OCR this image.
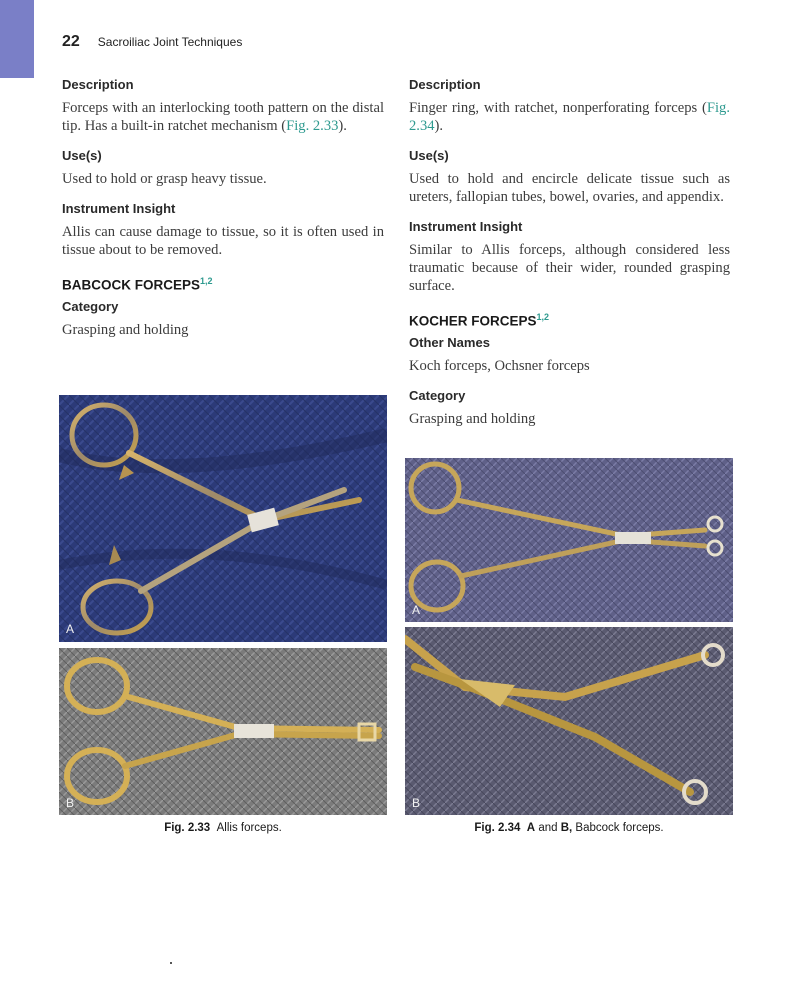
22 Sacroiliac Joint Techniques
Description

Forceps with an interlocking tooth pattern on the distal tip. Has a built-in ratchet mechanism (Fig. 2.33).

Use(s)

Used to hold or grasp heavy tissue.

Instrument Insight

Allis can cause damage to tissue, so it is often used in tissue about to be removed.

BABCOCK FORCEPS$^{1,2}$
Category

Grasping and holding

Description

Finger ring, with ratchet, nonperforating forceps (Fig. 2.34).

Use(s)

Used to hold and encircle delicate tissue such as ureters, fallopian tubes, bowel, ovaries, and appendix.

Instrument Insight

Similar to Allis forceps, although considered less traumatic because of their wider, rounded grasping surface.

KOCHER FORCEPS$^{1,2}$
Other Names

Koch forceps, Ochsner forceps

Category

Grasping and holding

A
B
Fig. 2.33 Allis forceps.
A
B
Fig. 2.34 A and B, Babcock forceps.
